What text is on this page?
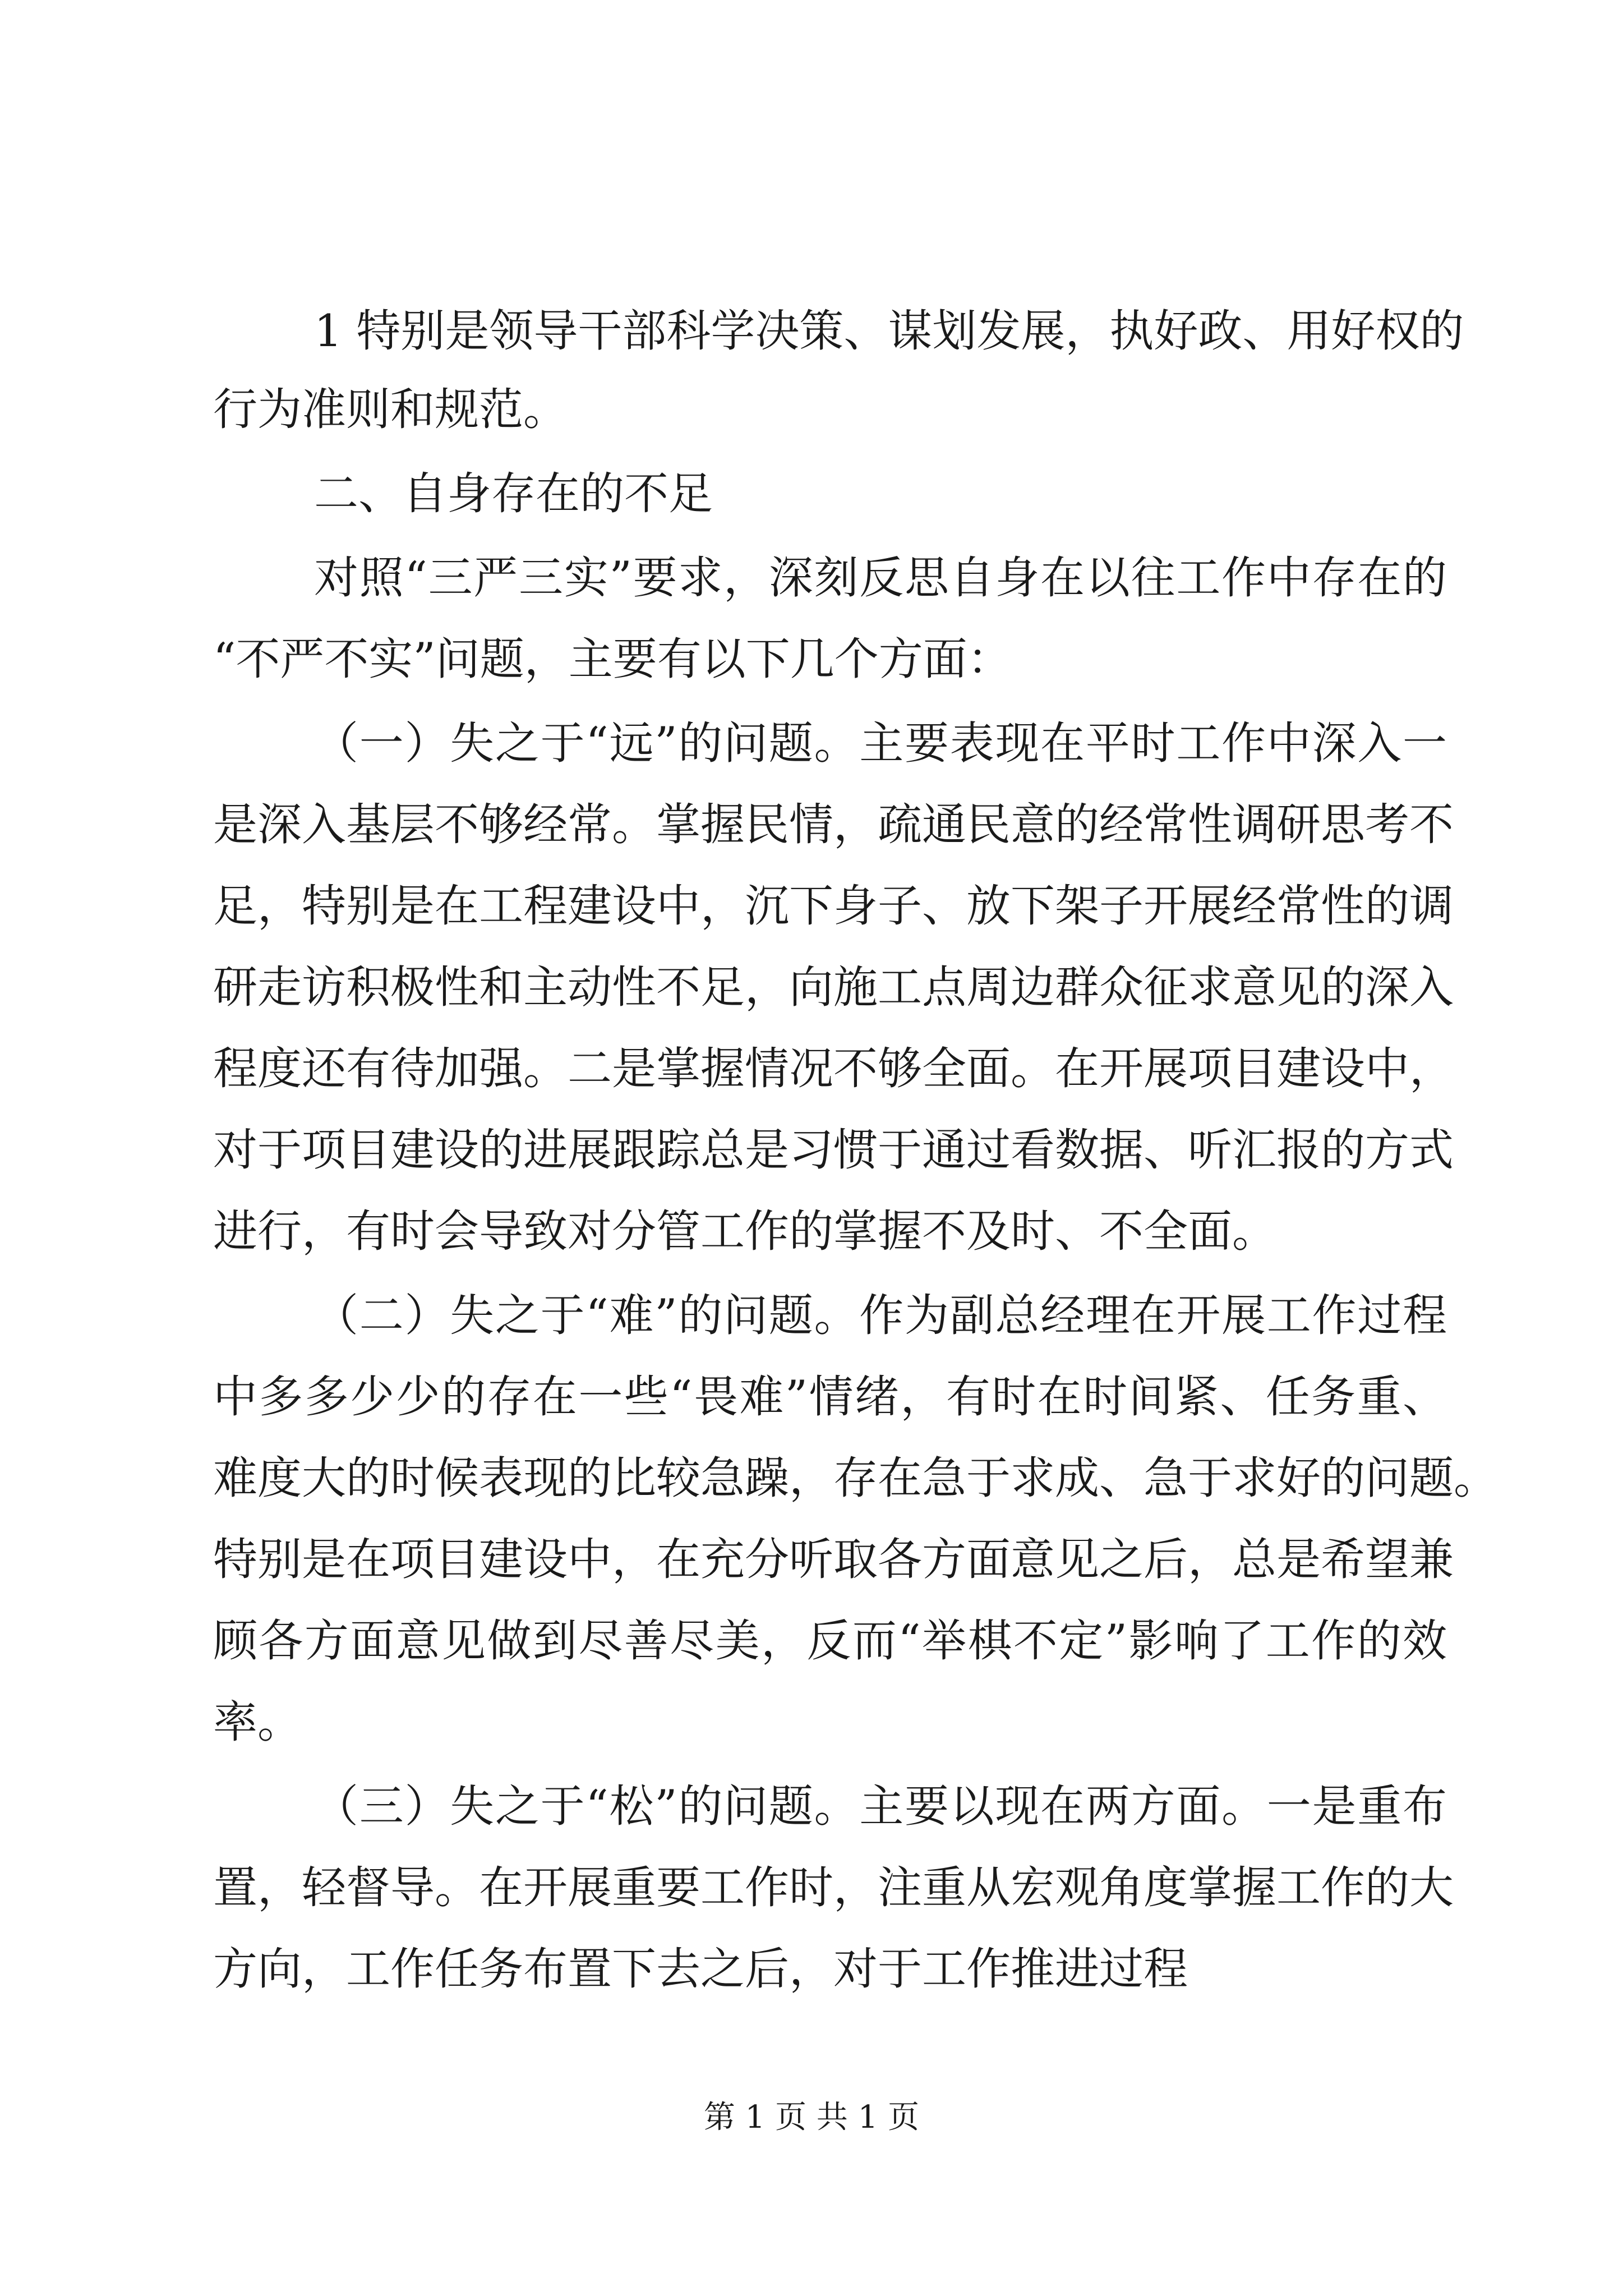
1 特别是领导干部科学决策、谋划发展，执好政、用好权的
行为准则和规范。
二、自身存在的不足
对照“三严三实”要求，深刻反思自身在以往工作中存在的
“不严不实”问题，主要有以下几个方面：
（一）失之于“远”的问题。主要表现在平时工作中深入一
是深入基层不够经常。掌握民情，疏通民意的经常性调研思考不
足，特别是在工程建设中，沉下身子、放下架子开展经常性的调
研走访积极性和主动性不足，向施工点周边群众征求意见的深入
程度还有待加强。二是掌握情况不够全面。在开展项目建设中，
对于项目建设的进展跟踪总是习惯于通过看数据、听汇报的方式
进行，有时会导致对分管工作的掌握不及时、不全面。
（二）失之于“难”的问题。作为副总经理在开展工作过程
中多多少少的存在一些“畏难”情绪，有时在时间紧、任务重、
难度大的时候表现的比较急躁，存在急于求成、急于求好的问题。
特别是在项目建设中，在充分听取各方面意见之后，总是希望兼
顾各方面意见做到尽善尽美，反而“举棋不定”影响了工作的效
率。
（三）失之于“松”的问题。主要以现在两方面。一是重布
置，轻督导。在开展重要工作时，注重从宏观角度掌握工作的大
方向，工作任务布置下去之后，对于工作推进过程
第 1 页 共 1 页
